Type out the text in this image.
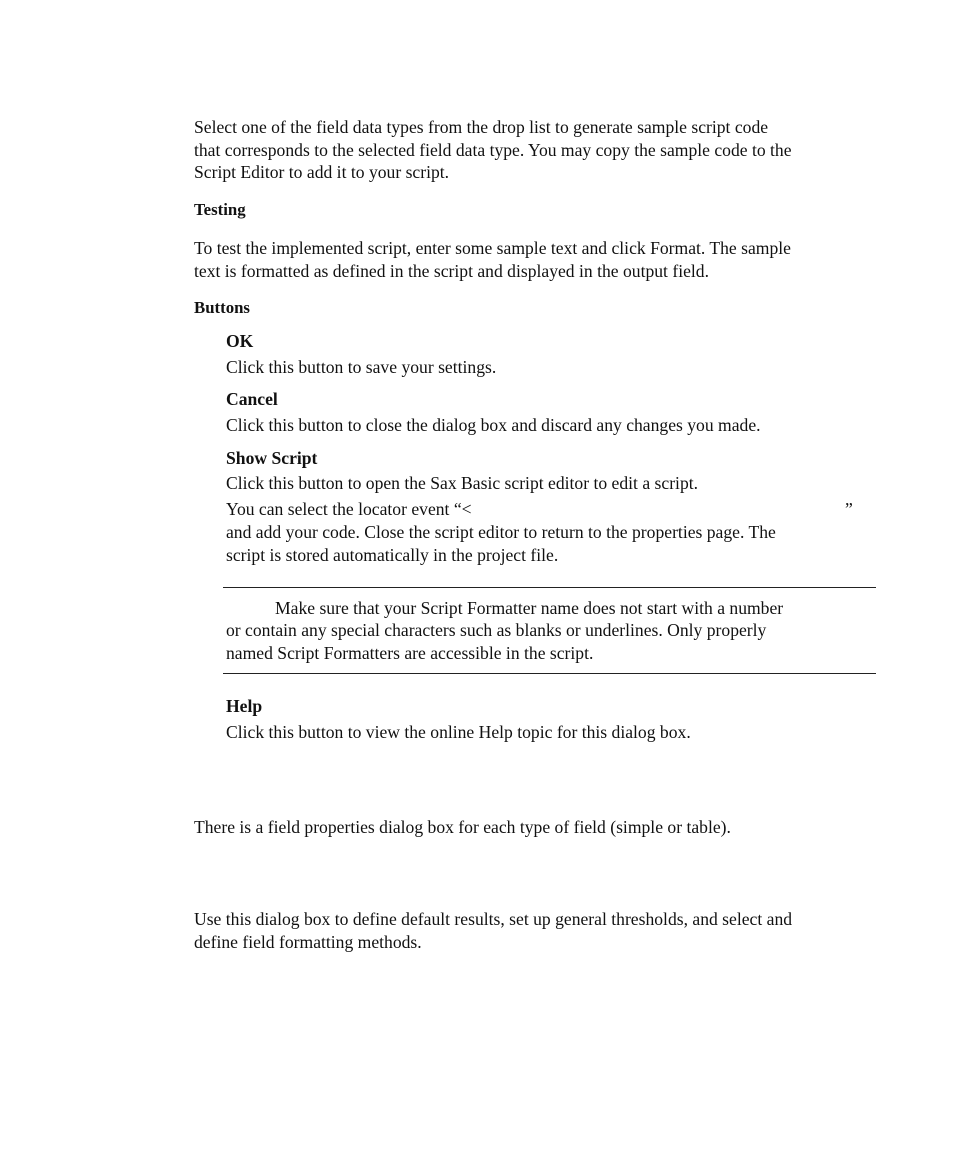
Select one of the field data types from the drop list to generate sample script code

that corresponds to the selected field data type. You may copy the sample code to the

Script Editor to add it to your script.

Testing

To test the implemented script, enter some sample text and click Format. The sample

text is formatted as defined in the script and displayed in the output field.

Buttons

OK

Click this button to save your settings.

Cancel

Click this button to close the dialog box and discard any changes you made.

Show Script

Click this button to open the Sax Basic script editor to edit a script.

You can select the locator event “<	”

and add your code. Close the script editor to return to the properties page. The

script is stored automatically in the project file.

Make sure that your Script Formatter name does not start with a number

or contain any special characters such as blanks or underlines. Only properly

named Script Formatters are accessible in the script.

Help

Click this button to view the online Help topic for this dialog box.

There is a field properties dialog box for each type of field (simple or table).

Use this dialog box to define default results, set up general thresholds, and select and

define field formatting methods.
